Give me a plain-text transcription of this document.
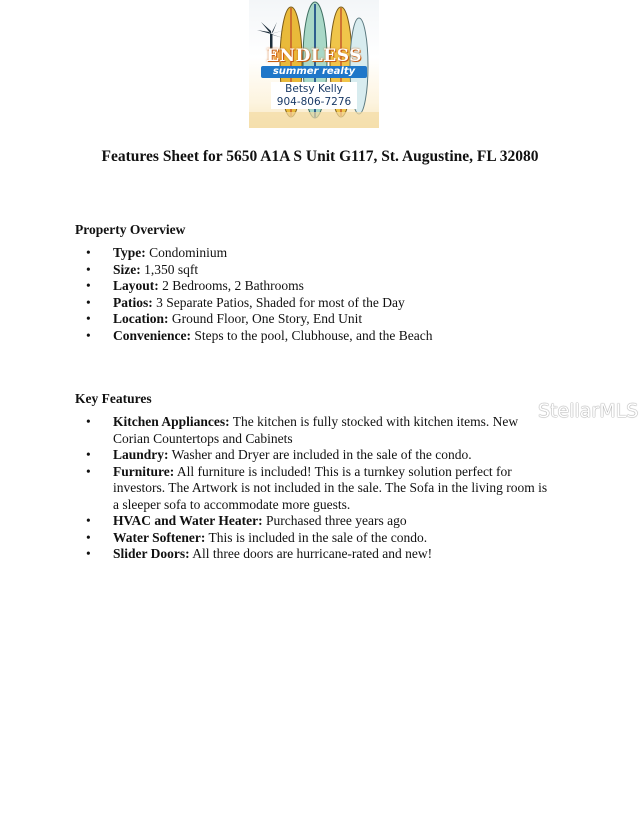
ENDLESS
summer realty
Betsy Kelly
904-806-7276
Features Sheet for 5650 A1A S Unit G117, St. Augustine, FL 32080
Property Overview
• Type: Condominium
• Size: 1,350 sqft
• Layout: 2 Bedrooms, 2 Bathrooms
• Patios: 3 Separate Patios, Shaded for most of the Day
• Location: Ground Floor, One Story, End Unit
• Convenience: Steps to the pool, Clubhouse, and the Beach
Key Features
• Kitchen Appliances: The kitchen is fully stocked with kitchen items. New Corian Countertops and Cabinets
• Laundry: Washer and Dryer are included in the sale of the condo.
• Furniture: All furniture is included! This is a turnkey solution perfect for investors. The Artwork is not included in the sale. The Sofa in the living room is a sleeper sofa to accommodate more guests.
• HVAC and Water Heater: Purchased three years ago
• Water Softener: This is included in the sale of the condo.
• Slider Doors: All three doors are hurricane-rated and new!
StellarMLS
